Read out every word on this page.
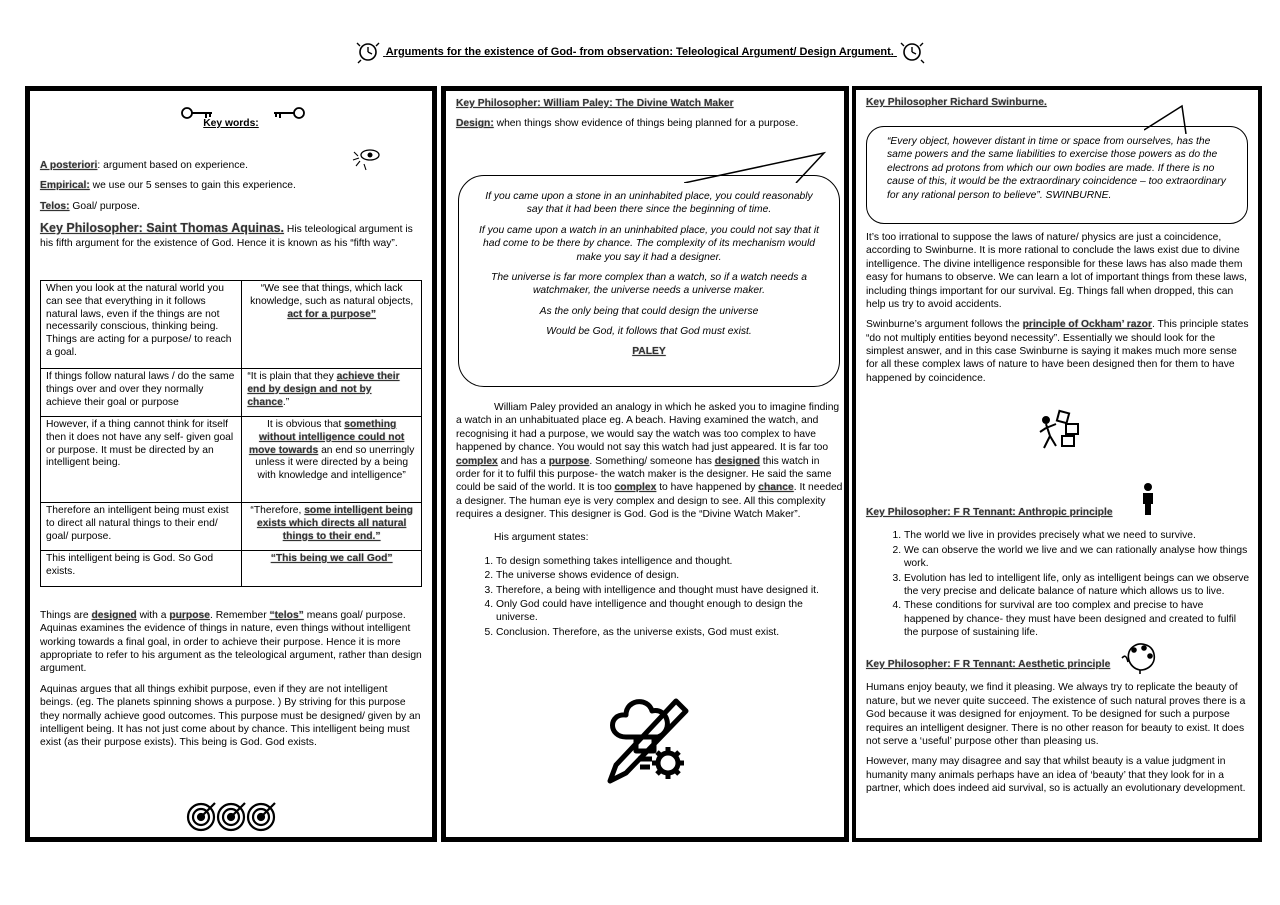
Arguments for the existence of God- from observation: Teleological Argument/ Design Argument.
Key words:

A posteriori: argument based on experience.

Empirical: we use our 5 senses to gain this experience.

Telos: Goal/ purpose.

Key Philosopher: Saint Thomas Aquinas. His teleological argument is his fifth argument for the existence of God. Hence it is known as his “fifth way”.

When you look at the natural world you can see that everything in it follows natural laws, even if the things are not necessarily conscious, thinking being. Things are acting for a purpose/ to reach a goal.	“We see that things, which lack knowledge, such as natural objects, act for a purpose”
If things follow natural laws / do the same things over and over they normally achieve their goal or purpose	“It is plain that they achieve their end by design and not by chance.”
However, if a thing cannot think for itself then it does not have any self- given goal or purpose. It must be directed by an intelligent being.	It is obvious that something without intelligence could not move towards an end so unerringly unless it were directed by a being with knowledge and intelligence”
Therefore an intelligent being must exist to direct all natural things to their end/ goal/ purpose.	“Therefore, some intelligent being exists which directs all natural things to their end.”
This intelligent being is God. So God exists.	“This being we call God”

Things are designed with a purpose. Remember “telos” means goal/ purpose. Aquinas examines the evidence of things in nature, even things without intelligent working towards a final goal, in order to achieve their purpose. Hence it is more appropriate to refer to his argument as the teleological argument, rather than design argument.

Aquinas argues that all things exhibit purpose, even if they are not intelligent beings. (eg. The planets spinning shows a purpose. ) By striving for this purpose they normally achieve good outcomes. This purpose must be designed/ given by an intelligent being. It has not just come about by chance. This intelligent being must exist (as their purpose exists). This being is God. God exists.

Key Philosopher: William Paley: The Divine Watch Maker

Design: when things show evidence of things being planned for a purpose.

If you came upon a stone in an uninhabited place, you could reasonably say that it had been there since the beginning of time.

If you came upon a watch in an uninhabited place, you could not say that it had come to be there by chance. The complexity of its mechanism would make you say it had a designer.

The universe is far more complex than a watch, so if a watch needs a watchmaker, the universe needs a universe maker.

As the only being that could design the universe

Would be God, it follows that God must exist.

PALEY

William Paley provided an analogy in which he asked you to imagine finding a watch in an unhabituated place eg. A beach. Having examined the watch, and recognising it had a purpose, we would say the watch was too complex to have happened by chance. You would not say this watch had just appeared. It is far too complex and has a purpose. Something/ someone has designed this watch in order for it to fulfil this purpose- the watch maker is the designer. He said the same could be said of the world. It is too complex to have happened by chance. It needed a designer. The human eye is very complex and design to see. All this complexity requires a designer. This designer is God. God is the “Divine Watch Maker”.

His argument states:

1. To design something takes intelligence and thought.
2. The universe shows evidence of design.
3. Therefore, a being with intelligence and thought must have designed it.
4. Only God could have intelligence and thought enough to design the universe.
5. Conclusion. Therefore, as the universe exists, God must exist.

Key Philosopher Richard Swinburne.

“Every object, however distant in time or space from ourselves, has the same powers and the same liabilities to exercise those powers as do the electrons ad protons from which our own bodies are made. If there is no cause of this, it would be the extraordinary coincidence – too extraordinary for any rational person to believe”. SWINBURNE.

It’s too irrational to suppose the laws of nature/ physics are just a coincidence, according to Swinburne. It is more rational to conclude the laws exist due to divine intelligence. The divine intelligence responsible for these laws has also made them easy for humans to observe. We can learn a lot of important things from these laws, including things important for our survival. Eg. Things fall when dropped, this can help us try to avoid accidents.

Swinburne’s argument follows the principle of Ockham’ razor. This principle states “do not multiply entities beyond necessity”. Essentially we should look for the simplest answer, and in this case Swinburne is saying it makes much more sense for all these complex laws of nature to have been designed then for them to have happened by coincidence.

Key Philosopher: F R Tennant: Anthropic principle

1. The world we live in provides precisely what we need to survive.
2. We can observe the world we live and we can rationally analyse how things work.
3. Evolution has led to intelligent life, only as intelligent beings can we observe the very precise and delicate balance of nature which allows us to live.
4. These conditions for survival are too complex and precise to have happened by chance- they must have been designed and created to fulfil the purpose of sustaining life.

Key Philosopher: F R Tennant: Aesthetic principle

Humans enjoy beauty, we find it pleasing. We always try to replicate the beauty of nature, but we never quite succeed. The existence of such natural proves there is a God because it was designed for enjoyment. To be designed for such a purpose requires an intelligent designer. There is no other reason for beauty to exist. It does not serve a ‘useful’ purpose other than pleasing us.

However, many may disagree and say that whilst beauty is a value judgment in humanity many animals perhaps have an idea of ‘beauty’ that they look for in a partner, which does indeed aid survival, so is actually an evolutionary development.
